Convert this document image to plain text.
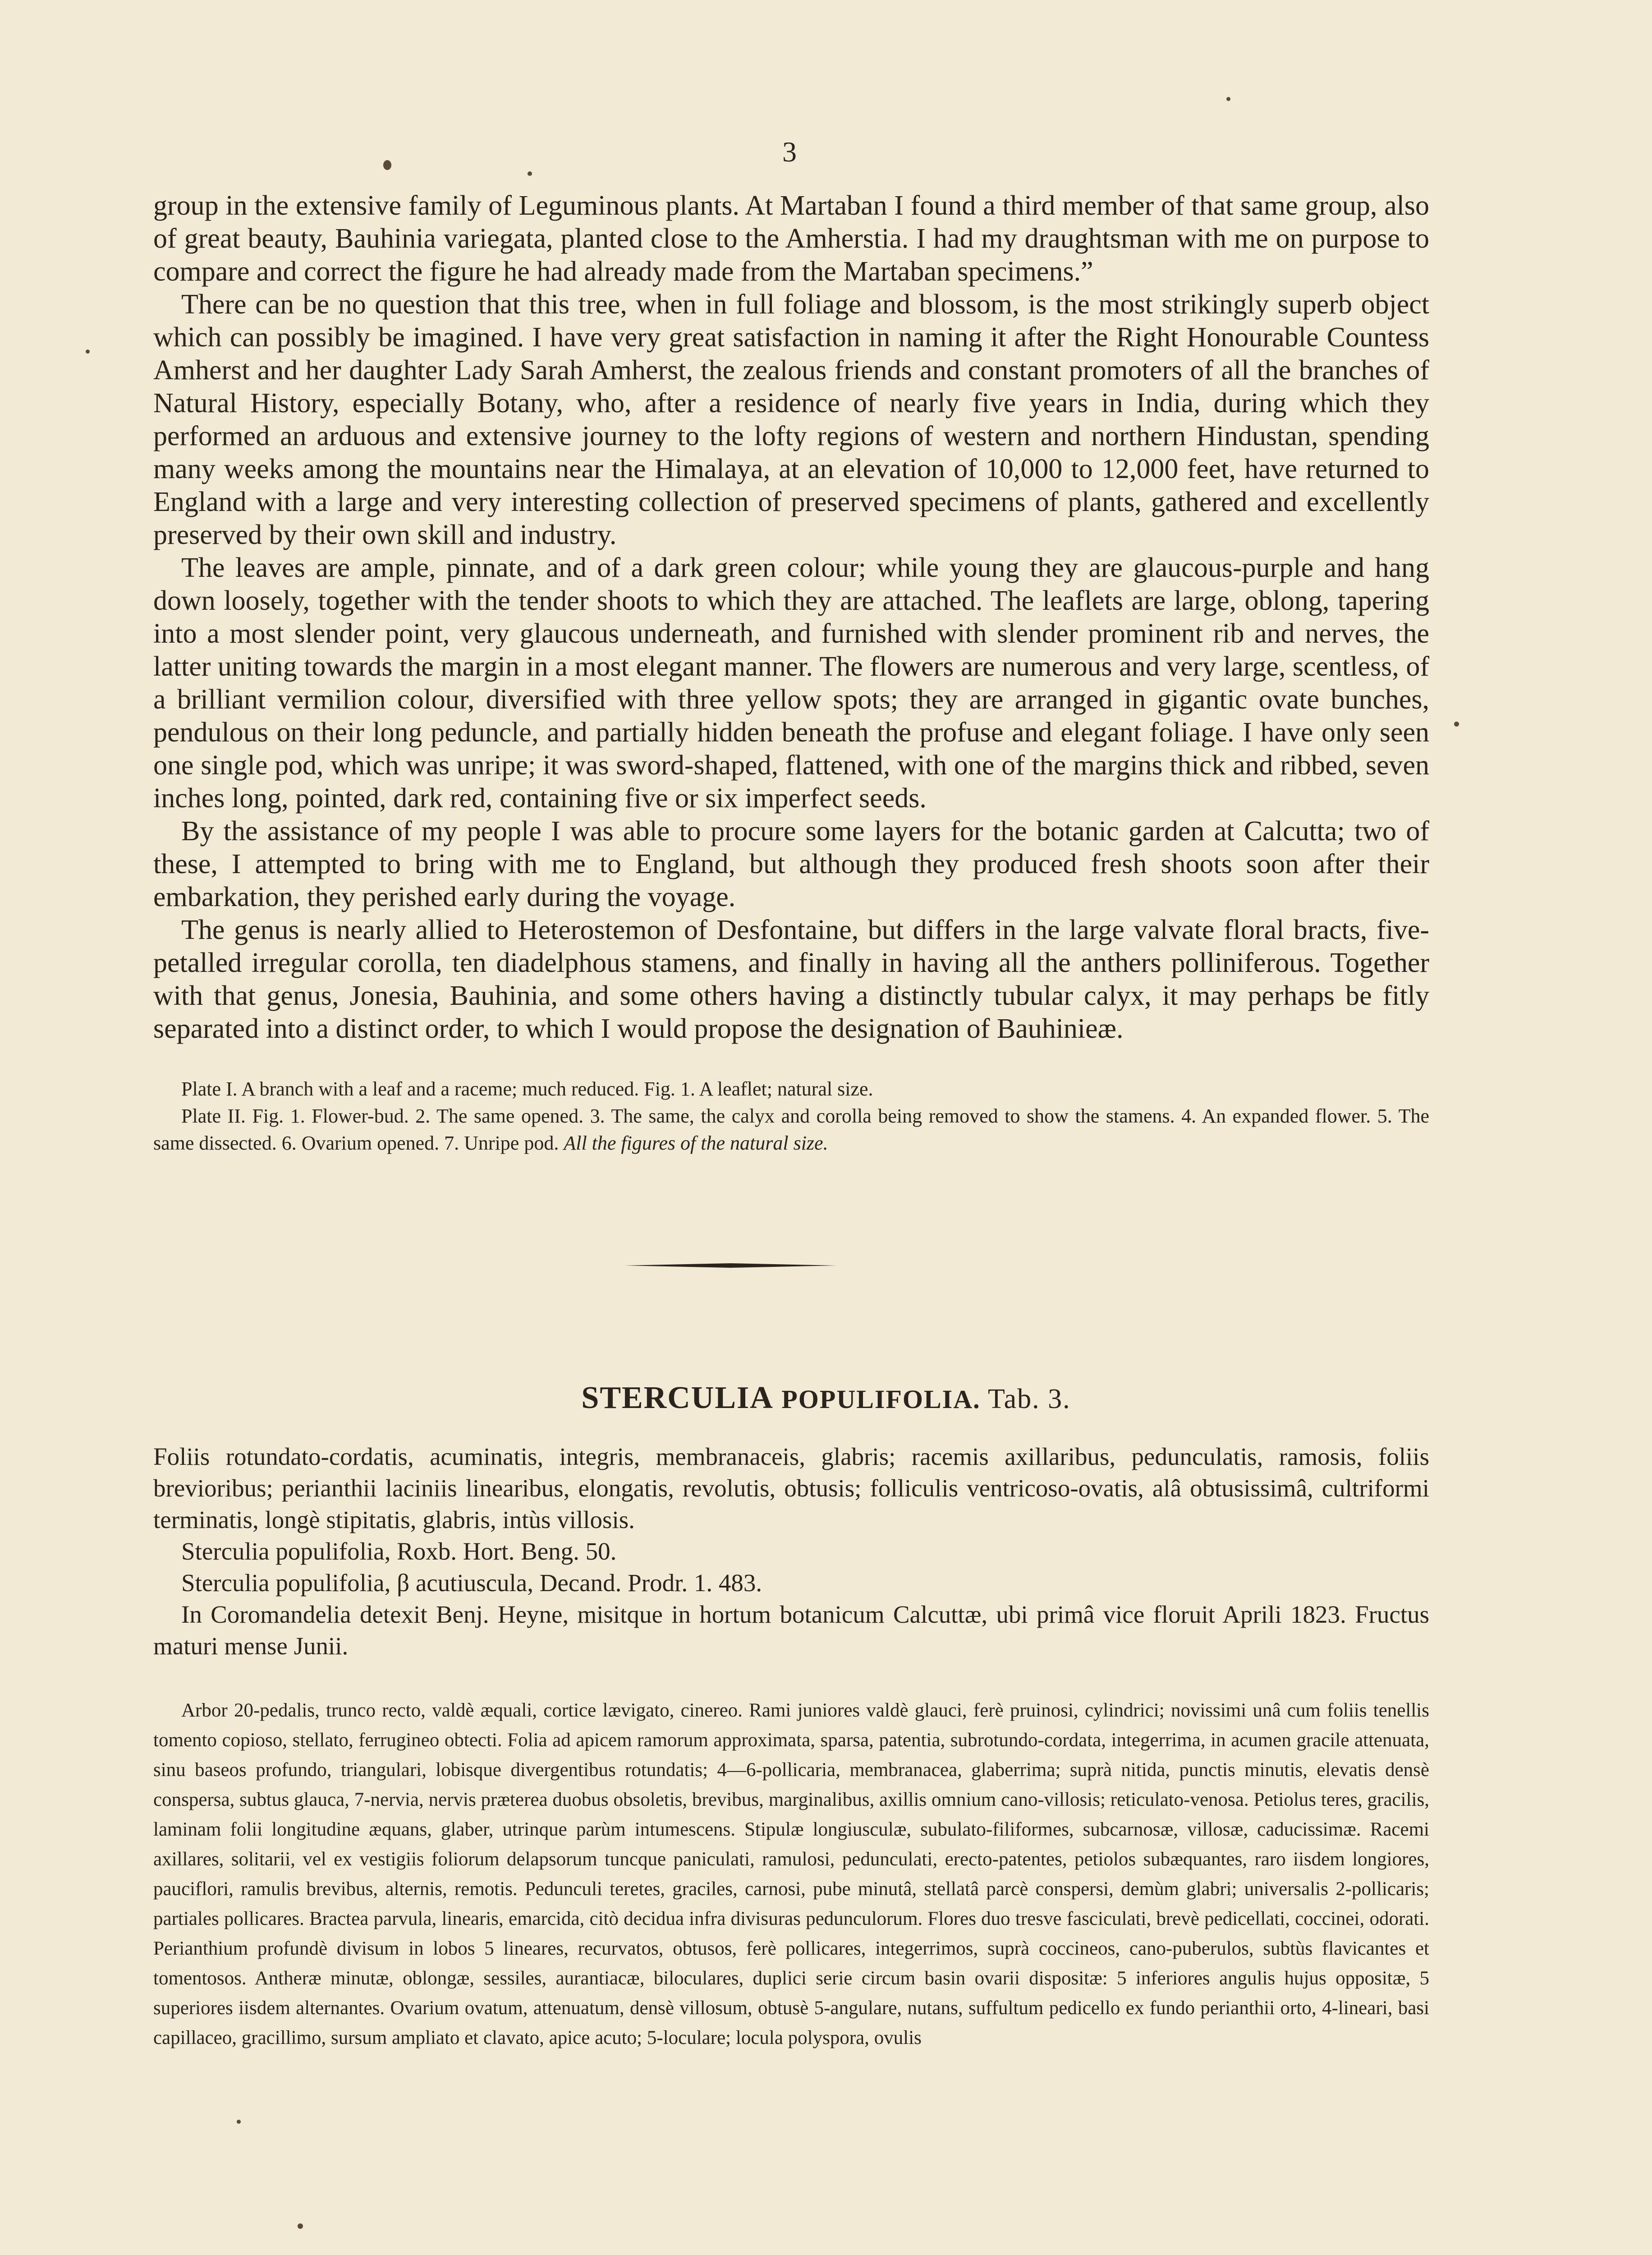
3

group in the extensive family of Leguminous plants. At Martaban I found a third member of that same group, also of great beauty, Bauhinia variegata, planted close to the Amherstia. I had my draughtsman with me on purpose to compare and correct the figure he had already made from the Martaban specimens.”

There can be no question that this tree, when in full foliage and blossom, is the most strikingly superb object which can possibly be imagined. I have very great satisfaction in naming it after the Right Honourable Countess Amherst and her daughter Lady Sarah Amherst, the zealous friends and constant promoters of all the branches of Natural History, especially Botany, who, after a residence of nearly five years in India, during which they performed an arduous and extensive journey to the lofty regions of western and northern Hindustan, spending many weeks among the mountains near the Himalaya, at an elevation of 10,000 to 12,000 feet, have returned to England with a large and very interesting collection of preserved specimens of plants, gathered and excellently preserved by their own skill and industry.

The leaves are ample, pinnate, and of a dark green colour; while young they are glaucous-purple and hang down loosely, together with the tender shoots to which they are attached. The leaflets are large, oblong, tapering into a most slender point, very glaucous underneath, and furnished with slender prominent rib and nerves, the latter uniting towards the margin in a most elegant manner. The flowers are numerous and very large, scentless, of a brilliant vermilion colour, diversified with three yellow spots; they are arranged in gigantic ovate bunches, pendulous on their long peduncle, and partially hidden beneath the profuse and elegant foliage. I have only seen one single pod, which was unripe; it was sword-shaped, flattened, with one of the margins thick and ribbed, seven inches long, pointed, dark red, containing five or six imperfect seeds.

By the assistance of my people I was able to procure some layers for the botanic garden at Calcutta; two of these, I attempted to bring with me to England, but although they produced fresh shoots soon after their embarkation, they perished early during the voyage.

The genus is nearly allied to Heterostemon of Desfontaine, but differs in the large valvate floral bracts, five-petalled irregular corolla, ten diadelphous stamens, and finally in having all the anthers polliniferous. Together with that genus, Jonesia, Bauhinia, and some others having a distinctly tubular calyx, it may perhaps be fitly separated into a distinct order, to which I would propose the designation of Bauhinieæ.

Plate I. A branch with a leaf and a raceme; much reduced. Fig. 1. A leaflet; natural size.

Plate II. Fig. 1. Flower-bud. 2. The same opened. 3. The same, the calyx and corolla being removed to show the stamens. 4. An expanded flower. 5. The same dissected. 6. Ovarium opened. 7. Unripe pod. All the figures of the natural size.

STERCULIA POPULIFOLIA. Tab. 3.

Foliis rotundato-cordatis, acuminatis, integris, membranaceis, glabris; racemis axillaribus, pedunculatis, ramosis, foliis brevioribus; perianthii laciniis linearibus, elongatis, revolutis, obtusis; folliculis ventricoso-ovatis, alâ obtusissimâ, cultriformi terminatis, longè stipitatis, glabris, intùs villosis.

Sterculia populifolia, Roxb. Hort. Beng. 50.

Sterculia populifolia, β acutiuscula, Decand. Prodr. 1. 483.

In Coromandelia detexit Benj. Heyne, misitque in hortum botanicum Calcuttæ, ubi primâ vice floruit Aprili 1823. Fructus maturi mense Junii.

Arbor 20-pedalis, trunco recto, valdè æquali, cortice lævigato, cinereo. Rami juniores valdè glauci, ferè pruinosi, cylindrici; novissimi unâ cum foliis tenellis tomento copioso, stellato, ferrugineo obtecti. Folia ad apicem ramorum approximata, sparsa, patentia, subrotundo-cordata, integerrima, in acumen gracile attenuata, sinu baseos profundo, triangulari, lobisque divergentibus rotundatis; 4—6-pollicaria, membranacea, glaberrima; suprà nitida, punctis minutis, elevatis densè conspersa, subtus glauca, 7-nervia, nervis præterea duobus obsoletis, brevibus, marginalibus, axillis omnium cano-villosis; reticulato-venosa. Petiolus teres, gracilis, laminam folii longitudine æquans, glaber, utrinque parùm intumescens. Stipulæ longiusculæ, subulato-filiformes, subcarnosæ, villosæ, caducissimæ. Racemi axillares, solitarii, vel ex vestigiis foliorum delapsorum tuncque paniculati, ramulosi, pedunculati, erecto-patentes, petiolos subæquantes, raro iisdem longiores, pauciflori, ramulis brevibus, alternis, remotis. Pedunculi teretes, graciles, carnosi, pube minutâ, stellatâ parcè conspersi, demùm glabri; universalis 2-pollicaris; partiales pollicares. Bractea parvula, linearis, emarcida, citò decidua infra divisuras pedunculorum. Flores duo tresve fasciculati, brevè pedicellati, coccinei, odorati. Perianthium profundè divisum in lobos 5 lineares, recurvatos, obtusos, ferè pollicares, integerrimos, suprà coccineos, cano-puberulos, subtùs flavicantes et tomentosos. Antheræ minutæ, oblongæ, sessiles, aurantiacæ, biloculares, duplici serie circum basin ovarii dispositæ: 5 inferiores angulis hujus oppositæ, 5 superiores iisdem alternantes. Ovarium ovatum, attenuatum, densè villosum, obtusè 5-angulare, nutans, suffultum pedicello ex fundo perianthii orto, 4-lineari, basi capillaceo, gracillimo, sursum ampliato et clavato, apice acuto; 5-loculare; locula polyspora, ovulis
